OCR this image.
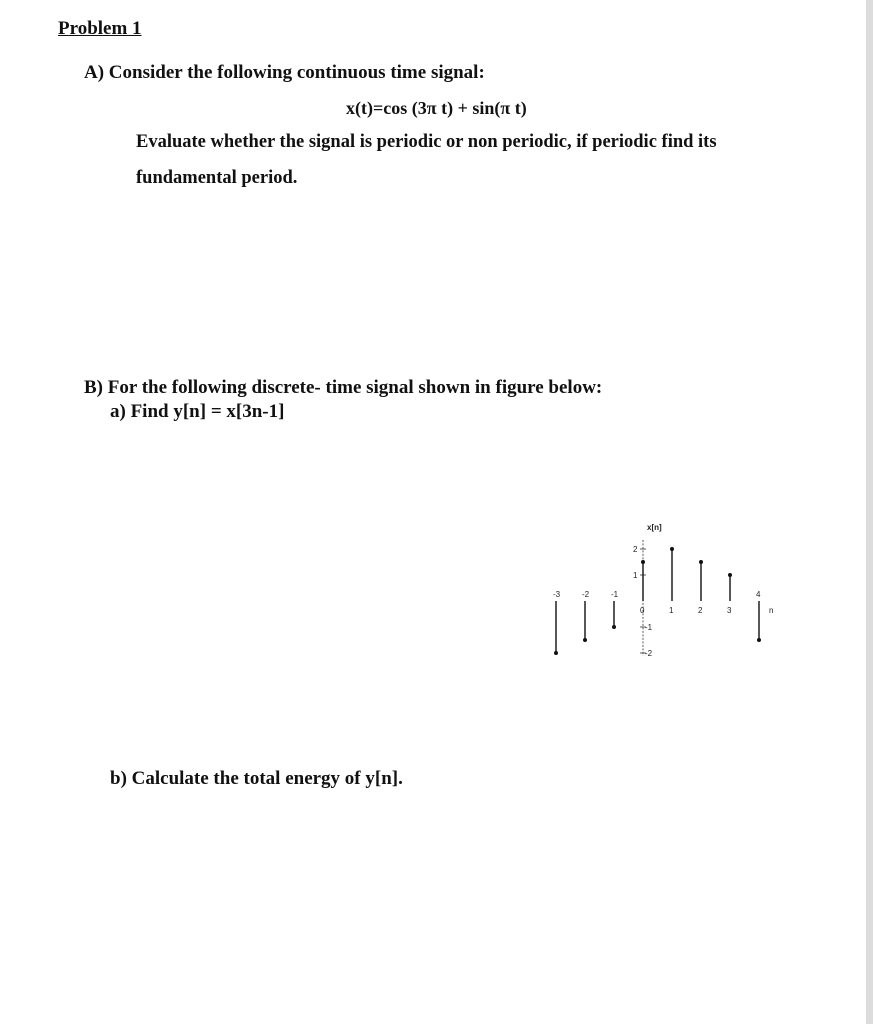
Problem 1
A) Consider the following continuous time signal:
x(t)=cos (3π t) + sin(π t)
Evaluate whether the signal is periodic or non periodic, if periodic find its
fundamental period.
B) For the following discrete- time signal shown in figure below:
a) Find y[n] = x[3n-1]
x[n]
-2
-1
1
2
-3	-2	-1
0	1	2	3
4
n
b) Calculate the total energy of y[n].
